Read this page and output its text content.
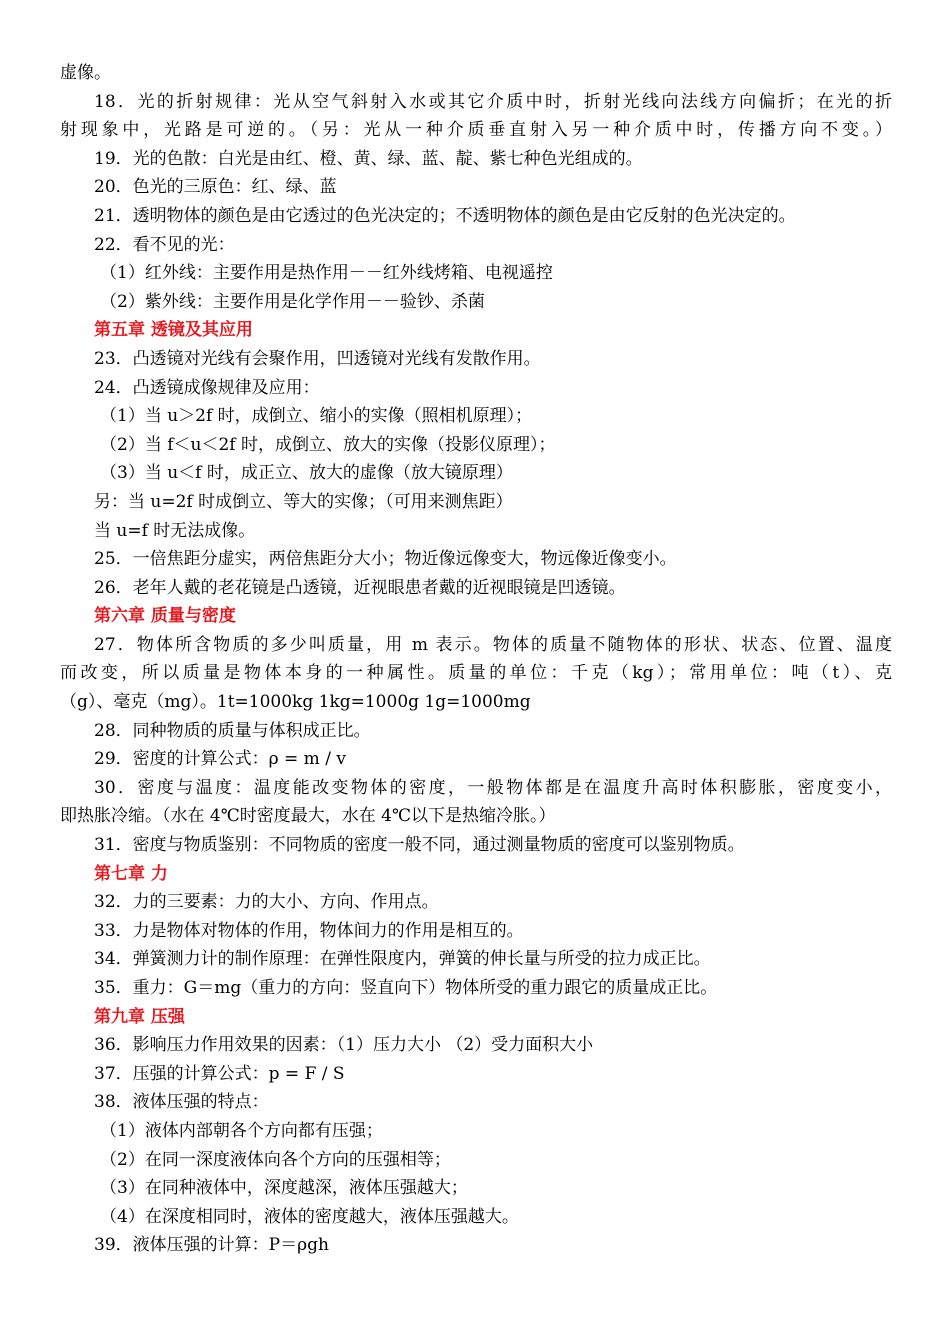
虚像。
18．光的折射规律：光从空气斜射入水或其它介质中时，折射光线向法线方向偏折；在光的折
射现象中，光路是可逆的。（另：光从一种介质垂直射入另一种介质中时，传播方向不变。）
19．光的色散：白光是由红、橙、黄、绿、蓝、靛、紫七种色光组成的。
20．色光的三原色：红、绿、蓝
21．透明物体的颜色是由它透过的色光决定的；不透明物体的颜色是由它反射的色光决定的。
22．看不见的光：
（1）红外线：主要作用是热作用－－红外线烤箱、电视遥控
（2）紫外线：主要作用是化学作用－－验钞、杀菌
第五章 透镜及其应用
23．凸透镜对光线有会聚作用，凹透镜对光线有发散作用。
24．凸透镜成像规律及应用：
（1）当 u＞2f 时，成倒立、缩小的实像（照相机原理）；
（2）当 f＜u＜2f 时，成倒立、放大的实像（投影仪原理）；
（3）当 u＜f 时，成正立、放大的虚像（放大镜原理）
另：当 u=2f 时成倒立、等大的实像；（可用来测焦距）
当 u=f 时无法成像。
25．一倍焦距分虚实，两倍焦距分大小；物近像远像变大，物远像近像变小。
26．老年人戴的老花镜是凸透镜，近视眼患者戴的近视眼镜是凹透镜。
第六章 质量与密度
27．物体所含物质的多少叫质量，用 m 表示。物体的质量不随物体的形状、状态、位置、温度
而改变，所以质量是物体本身的一种属性。质量的单位：千克（kg）；常用单位：吨（t）、克
（g）、毫克（mg）。1t=1000kg 1kg=1000g 1g=1000mg
28．同种物质的质量与体积成正比。
29．密度的计算公式：ρ = m / v
30．密度与温度：温度能改变物体的密度，一般物体都是在温度升高时体积膨胀，密度变小，
即热胀冷缩。（水在 4℃时密度最大，水在 4℃以下是热缩冷胀。）
31．密度与物质鉴别：不同物质的密度一般不同，通过测量物质的密度可以鉴别物质。
第七章 力
32．力的三要素：力的大小、方向、作用点。
33．力是物体对物体的作用，物体间力的作用是相互的。
34．弹簧测力计的制作原理：在弹性限度内，弹簧的伸长量与所受的拉力成正比。
35．重力：G＝mg（重力的方向：竖直向下）物体所受的重力跟它的质量成正比。
第九章 压强
36．影响压力作用效果的因素：（1）压力大小 （2）受力面积大小
37．压强的计算公式：p = F / S
38．液体压强的特点：
（1）液体内部朝各个方向都有压强；
（2）在同一深度液体向各个方向的压强相等；
（3）在同种液体中，深度越深，液体压强越大；
（4）在深度相同时，液体的密度越大，液体压强越大。
39．液体压强的计算：P＝ρgh
